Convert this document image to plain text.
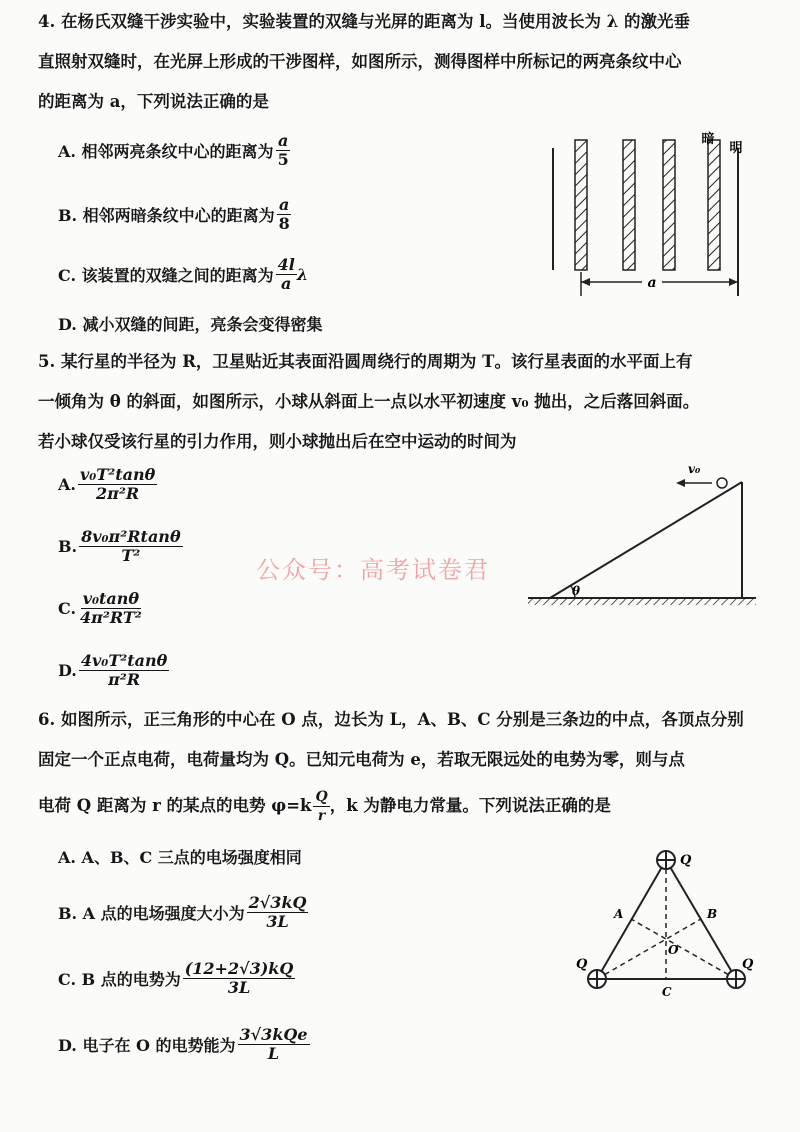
4. 在杨氏双缝干涉实验中，实验装置的双缝与光屏的距离为 l。当使用波长为 λ 的激光垂
直照射双缝时，在光屏上形成的干涉图样，如图所示，测得图样中所标记的两亮条纹中心
的距离为 a，下列说法正确的是
A. 相邻两亮条纹中心的距离为 $\frac{a}{5}$
B. 相邻两暗条纹中心的距离为 $\frac{a}{8}$
C. 该装置的双缝之间的距离为 $\frac{4l}{a}$ λ
D. 减小双缝的间距，亮条会变得密集
a
暗
明
5. 某行星的半径为 R，卫星贴近其表面沿圆周绕行的周期为 T。该行星表面的水平面上有
一倾角为 θ 的斜面，如图所示，小球从斜面上一点以水平初速度 v₀ 抛出，之后落回斜面。
若小球仅受该行星的引力作用，则小球抛出后在空中运动的时间为
A. $\frac{\text{v₀T²tanθ}}{\text{2π²R}}$
B. $\frac{\text{8v₀π²Rtanθ}}{\text{T²}}$
C. $\frac{\text{v₀tanθ}}{\text{4π²RT²}}$
D. $\frac{\text{4v₀T²tanθ}}{\text{π²R}}$
公众号：高考试卷君
v₀
θ
6. 如图所示，正三角形的中心在 O 点，边长为 L，A、B、C 分别是三条边的中点，各顶点分别
固定一个正点电荷，电荷量均为 Q。已知元电荷为 e，若取无限远处的电势为零，则与点
电荷 Q 距离为 r 的某点的电势 $\varphi=k \frac{Q}{r}$ ，k 为静电力常量。下列说法正确的是
A. A、B、C 三点的电场强度相同
B. A 点的电场强度大小为 $\frac{2√3kQ}{3L}$
C. B 点的电势为 $\frac{(12+2√3)kQ}{3L}$
D. 电子在 O 的电势能为 $\frac{\text{3√3kQe}}{L}$
Q
Q	Q
A	B
C
O
